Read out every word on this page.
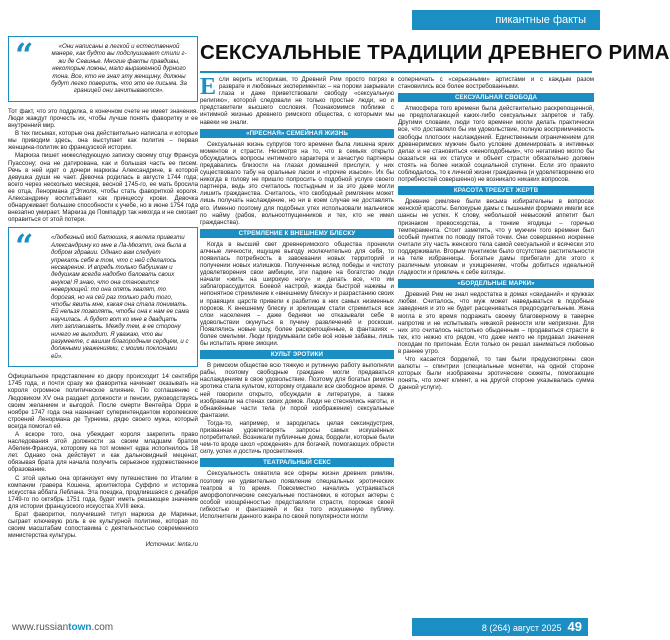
пикантные факты
“	«Они написаны в легкой и естественной манере, как будто вы подслушивает стили г-жи де Севинье. Многие факты правдивы, некоторые ложны, мало выраженной дурного тона. Все, кто не знал эту женщину, должны будут легко поверить, что это ее письма. За границей они зачитываются».

Тот факт, что это подделка, в конечном счете не имеет значения. Люди жаждут прочесть их, чтобы лучше понять фаворитку и ее внутренний мир.

В тех письмах, которые она действительно написала и которые мы приводим здесь, она выступает как политик – первая женщина-политик во французской истории.

Маркиза пишет нижеследующую записку своему отцу Франсуа Пуассону; она не датирована, как и большая часть ее писем. Речь в ней идет о дочери маркизы Александрине, в которой девушка души не чает. Девочка родилась в августе 1744 года; всего через несколько месяцев, весной 1745-го, ее мать бросила ее отца, Ленормана д'Этиоля, чтобы стать фавориткой короля. Александрину воспитывает как принцессу крови. Девочка обнаруживает большие способности к учебе, но в июне 1754 года внезапно умирает. Маркиза де Помпадур так никогда и не смогает оправиться от этой потери.

“	«Любезный мой батюшка, я велела привезти Александрину ко мне в Ла-Мюэтт, она была в добром здравии. Однако вам следует упрекать себя в том, что с ней сделалось несварение. И впредь только бабушкам и дедушкам всегда надобно баловать своих внуков! Я знаю, что она становится неверующей: то она опять хвалят, то дорогая, но на сей раз только ради того, чтобы явить мне, какая она стала понимать. Ей нельзя позволять, чтобы она к нам ее сама научилась. А будет вот ко мне в двадцать лет заплакивать. Между тем, в ее сторону ничего не выходит. Я уважаю, что вы разумеете, с вашим благородным сердцем, и с должными уважениями, с моими поклонами ей».

Официальное представление ко двору происходит 14 сентября 1745 года, и почти сразу же фаворитка начинает оказывать на короля огромное политическое влияние. По соглашению с Людовиком XV она раздает должности и пенсии, руководствуясь своим желанием и выгодой. После смерти Вентейра Орри в ноябре 1747 года она назначает суперинтендантом королевских строений Ленормана де Турнема, дядю своего мужа, который всегда помогал ей.

А вскоре того, она убеждает короля закрепить право наследования этой должности за своим младшим братом Абелем-Франсуа, которому на тот момент едва исполнилось 18 лет. Однако она действует и как дальновидный меценат, обязывая брата для начала получить серьезное художественное образование.

С этой целью она организует ему путешествие по Италии в компании гравера Кошена, архитектора Суффло и историка искусства аббата Леблана. Эта поездка, продлившаяся с декабря 1749-го по октябрь 1751 года, будет иметь решающее значение для истории французского искусства XVIII века.

Брат фаворитки, получивший титул маркиза де Мариньи, сыграет ключевую роль в ее культурной политике, которая по своим масштабам сопоставима с деятельностью современного министерства культуры.

Источник: lenta.ru
СЕКСУАЛЬНЫЕ ТРАДИЦИИ ДРЕВНЕГО РИМА

Если верить историкам, то Древний Рим просто погряз в разврате и любовных экспериментах – на пороки закрывали глаза и даже приветствовали свободу «сексуальную религию», которой следовали не только простые люди, но и представители высшего сословия. Познакомимся поближе с интимной жизнью древнего римского общества, с которыми мы навеки не знали.

«ПРЕСНАЯ» СЕМЕЙНАЯ ЖИЗНЬ

Сексуальная жизнь супругов того времени была лишена ярких моментов и страсти. Несмотря на то, что в семьях открыто обсуждались вопросы интимного характера и зачастую партнеры предавались близости на глазах домашней прислуги, у них существовало табу на оральные ласки и «прочие изыски». Их бы никогда в голову не пришло попросить о подобной услуге своего партнера, ведь это считалось постыдным и за это даже могли лишить гражданства. Считалось, что свободный римлянин может лишь получать наслаждение, но ни в коем случае не доставлять его. Именно поэтому для подобных утех использовали мальчиков по найму (рабов, вольноотпущенников и тех, кто не имел гражданства).

СТРЕМЛЕНИЕ К ВНЕШНЕМУ БЛЕСКУ

Когда в высший свет древнеримского общества проникли алчные личности, ищущие выгоду исключительно для себя, то появилась потребность в завоевании новых территорий и получении новых излишков. Полученные вслед победы и чистоту удовлетворения свои амбиции, эти падкие на богатство люди начали «жить на широкую ногу» и делать все, что им заблагорассудится. Боевой настрой, жажда быстрой наживы и непонятное стремление к «внешнему блеску» и разрастанию своих и правящих царств привели к разбитию в них самых низменных пороков. К внешнему блеску и зрелищам стали стремиться все слои населения – даже бедняки не отказывали себе в удовольствии окунуться в пучину развлечений и роскоши. Появлялись новые шоу, более раскрепощённые, в фантазиях – более смелыми. Люди придумывали себе всё новые забавы, лишь бы испытать яркие эмоции.

КУЛЬТ ЭРОТИКИ

В римском обществе всю тяжкую и рутинную работу выполняли рабы, поэтому свободные граждане могли предаваться наслаждениям в свое удовольствие. Поэтому для богатых римлян эротика стала культом, которому отдавали все свободное время. О ней говорили открыто, обсуждали в литературе, а также изображали на стенах своих домов. Люди не стеснялись наготы, и обнажённые части тела (и порой изображение) сексуальные фантазии.

Тогда-то, например, и зародилась целая сексиндустрия, призванная удовлетворять запросы самых искушённых потребителей. Возникали публичные дома, бордели, которые были чем-то вроде школ «рождения» для богачей, помогающих обрести силу, успех и достичь просветления.

ТЕАТРАЛЬНЫЙ СЕКС

Сексуальность охватила все сферы жизни древних римлян, поэтому не удивительно появление специальных эротических театров в то время. Повсеместно начались устраиваться аморфологические сексуальные постановки, в которых актеры с особой изощрённостью представляли страсти, порожая своей гибкостью и фантазией и без того искушенную публику. Исполнители данного жанра по своей популярности могли

соперничать с «серьезными» артистами и с каждым разом становились все более востребованными.

СЕКСУАЛЬНАЯ СВОБОДА

Атмосфера того времени была действительно раскрепощенной, не предполагающей каких-либо сексуальных запретов и табу. Другими словами, люди того времени могли делать практически все, что доставляло бы им удовольствие, полную восприимчивость свободы плотских наслаждений. Единственным ограничением для древнеримских мужчин было условие доминировать в интимных делах и не становиться «женоподобным», что негативно могло бы сказаться на их статусе и объект страсти обязательно должен стоять на более низкой социальной ступени. Если это правило соблюдалось, то к личной жизни гражданина (и удовлетворению его потребностей совершенно) не возникало никаких вопросов.

КРАСОТА ТРЕБУЕТ ЖЕРТВ

Древние римляне были весьма избирательны в вопросах женской красоты. Белокурые дамы с пышными формами имели все шансы не успех. К слову, небольшой невысокий аппетит был признаком превосходства, а тонкие ягодицы – горечью темперамента. Стоит заметить, что у мужчин того времени был особый пунктик по поводу пятой точки. Они совершенно искренне считали эту часть женского тела самой сексуальной и всячески это поддерживали. Вторым пунктиком было отсутствие растительности на теле избранницы. Богатые дамы прибегали для этого к различным уловкам и ухищрениям, чтобы добиться идеальной гладкости и привлечь к себе взгляды.

«БОРДЕЛЬНЫЕ МАРКИ»

Древний Рим не знал недостатка в домах «свиданий» и кружках любви. Считалось, что муж может наведываться в подобные заведения и это не будет расцениваться предосудительным. Жена могла в это время подражать своему благоверному в таверне напротив и не испытывать никакой ревности или неприязни. Для них это считалось настолько обыденным – продаваться страсти в тех, кто нежно кто рядом, что даже никто не придавал значения походам по притонам. Если только он решал заниматься любовью в раннее утро.

Что касается борделей, то там были предусмотрены свои валюты – спинтрии (специальные монетки, на одной стороне которых были изображены эротические сюжеты, помогающие понять, что хочет клиент, а на другой стороне указывалась сумма данной услуги).

www.russiantown.com	8 (264) август 2025 49
